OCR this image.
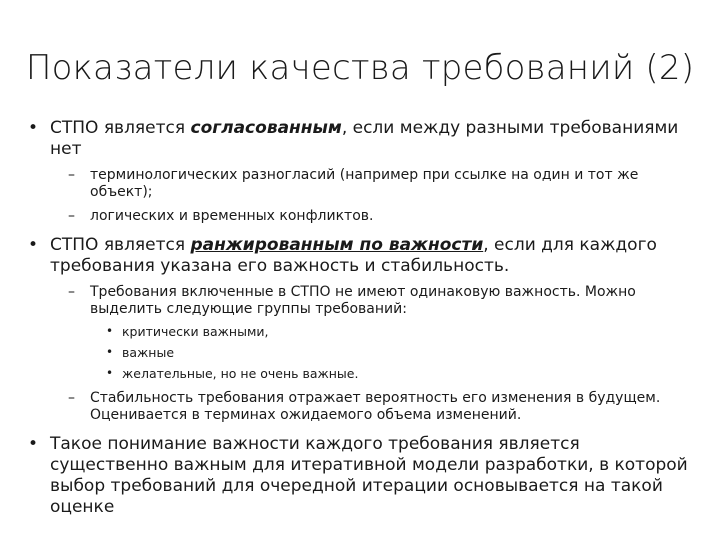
Показатели качества требований (2)
• СТПО является согласованным, если между разными требованиями нет
– терминологических разногласий (например при ссылке на один и тот же объект);
– логических и временных конфликтов.
• СТПО является ранжированным по важности, если для каждого требования указана его важность и стабильность.
– Требования включенные в СТПО не имеют одинаковую важность. Можно выделить следующие группы требований:
• критически важными,
• важные
• желательные, но не очень важные.
– Стабильность требования отражает вероятность его изменения в будущем. Оценивается в терминах ожидаемого объема изменений.
• Такое понимание важности каждого требования является существенно важным для итеративной модели разработки, в которой выбор требований для очередной итерации основывается на такой оценке
